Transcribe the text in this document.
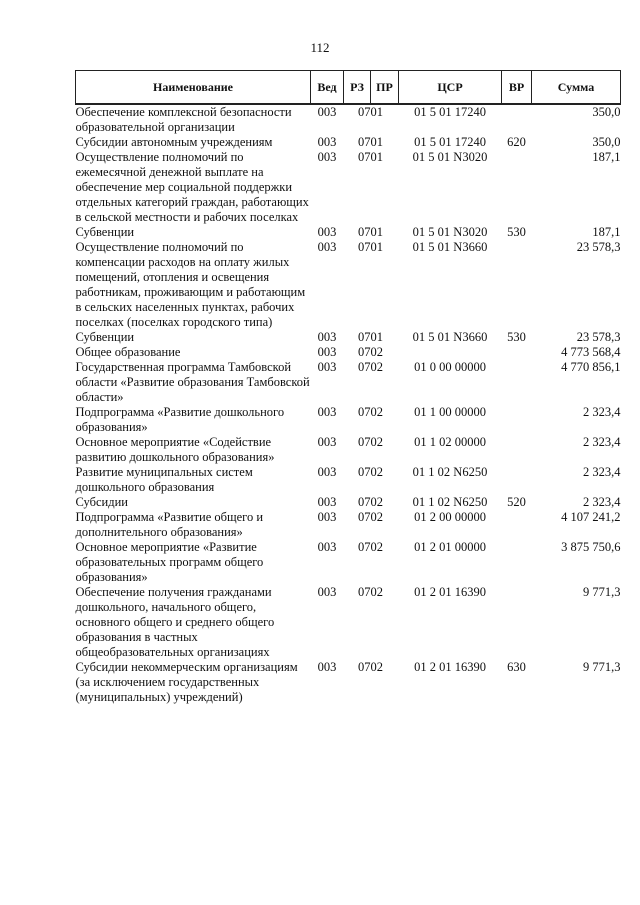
112
Наименование	Вед	РЗ	ПР	ЦСР	ВР	Сумма
Обеспечение комплексной безопасности образовательной организации	003	07	01	01 5 01 17240		350,0
Субсидии автономным учреждениям	003	07	01	01 5 01 17240	620	350,0
Осуществление полномочий по ежемесячной денежной выплате на обеспечение мер социальной поддержки отдельных категорий граждан, работающих в сельской местности и рабочих поселках	003	07	01	01 5 01 N3020		187,1
Субвенции	003	07	01	01 5 01 N3020	530	187,1
Осуществление полномочий по компенсации расходов на оплату жилых помещений, отопления и освещения работникам, проживающим и работающим в сельских населенных пунктах, рабочих поселках (поселках городского типа)	003	07	01	01 5 01 N3660		23 578,3
Субвенции	003	07	01	01 5 01 N3660	530	23 578,3
Общее образование	003	07	02			4 773 568,4
Государственная программа Тамбовской области «Развитие образования Тамбовской области»	003	07	02	01 0 00 00000		4 770 856,1
Подпрограмма «Развитие дошкольного образования»	003	07	02	01 1 00 00000		2 323,4
Основное мероприятие «Содействие развитию дошкольного образования»	003	07	02	01 1 02 00000		2 323,4
Развитие муниципальных систем дошкольного образования	003	07	02	01 1 02 N6250		2 323,4
Субсидии	003	07	02	01 1 02 N6250	520	2 323,4
Подпрограмма «Развитие общего и дополнительного образования»	003	07	02	01 2 00 00000		4 107 241,2
Основное мероприятие «Развитие образовательных программ общего образования»	003	07	02	01 2 01 00000		3 875 750,6
Обеспечение получения гражданами дошкольного, начального общего, основного общего и среднего общего образования в частных общеобразовательных организациях	003	07	02	01 2 01 16390		9 771,3
Субсидии некоммерческим организациям (за исключением государственных (муниципальных) учреждений)	003	07	02	01 2 01 16390	630	9 771,3
